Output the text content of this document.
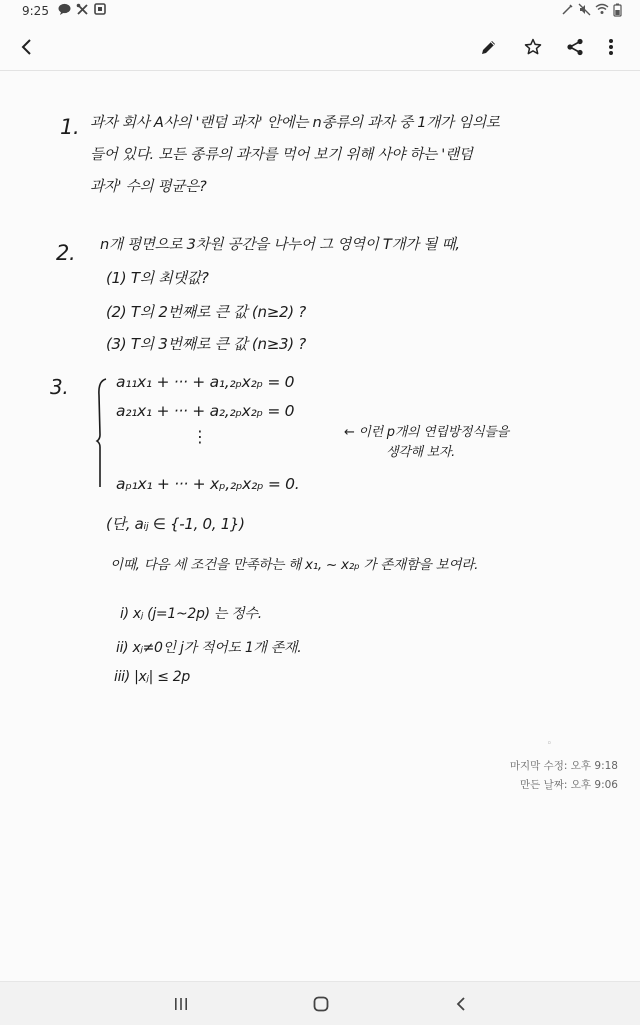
9:25
1. 과자 회사 A사의 '랜덤 과자' 안에는 n종류의 과자 중 1개가 임의로
들어 있다. 모든 종류의 과자를 먹어 보기 위해 사야 하는 '랜덤
과자' 수의 평균은?
2. n개 평면으로 3차원 공간을 나누어 그 영역이 T개가 될 때,
(1) T의 최댓값?
(2) T의 2번째로 큰 값 (n≥2) ?
(3) T의 3번째로 큰 값 (n≥3) ?
3.	a₁₁x₁ + ··· + a₁,₂ₚx₂ₚ = 0
a₂₁x₁ + ··· + a₂,₂ₚx₂ₚ = 0
⋮
aₚ₁x₁ + ··· + xₚ,₂ₚx₂ₚ = 0.
← 이런 p개의 연립방정식들을
생각해 보자.
(단, aᵢⱼ ∈ {-1, 0, 1})
이때, 다음 세 조건을 만족하는 해 x₁, ~ x₂ₚ 가 존재함을 보여라.
i) xⱼ (j=1~2p) 는 정수.
ii) xⱼ≠0인 j가 적어도 1개 존재.
iii) |xⱼ| ≤ 2p
◦
마지막 수정: 오후 9:18
만든 날짜: 오후 9:06
